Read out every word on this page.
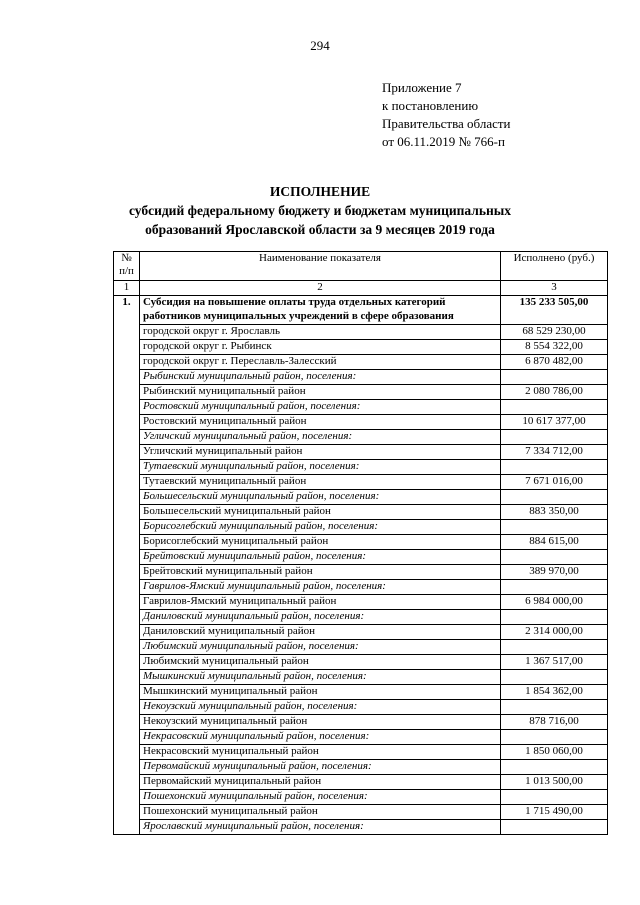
294
Приложение 7
к постановлению
Правительства области
от 06.11.2019 № 766-п
ИСПОЛНЕНИЕ
субсидий федеральному бюджету и бюджетам муниципальных
образований Ярославской области за 9 месяцев 2019 года
№ п/п	Наименование показателя	Исполнено (руб.)
1	2	3
1.	Субсидия на повышение оплаты труда отдельных категорий работников муниципальных учреждений в сфере образования	135 233 505,00
	городской округ г. Ярославль	68 529 230,00
	городской округ г. Рыбинск	8 554 322,00
	городской округ г. Переславль-Залесский	6 870 482,00
	Рыбинский муниципальный район, поселения:	
	Рыбинский муниципальный район	2 080 786,00
	Ростовский муниципальный район, поселения:	
	Ростовский муниципальный район	10 617 377,00
	Угличский муниципальный район, поселения:	
	Угличский муниципальный район	7 334 712,00
	Тутаевский муниципальный район, поселения:	
	Тутаевский муниципальный район	7 671 016,00
	Большесельский муниципальный район, поселения:	
	Большесельский муниципальный район	883 350,00
	Борисоглебский муниципальный район, поселения:	
	Борисоглебский муниципальный район	884 615,00
	Брейтовский муниципальный район, поселения:	
	Брейтовский муниципальный район	389 970,00
	Гаврилов-Ямский муниципальный район, поселения:	
	Гаврилов-Ямский муниципальный район	6 984 000,00
	Даниловский муниципальный район, поселения:	
	Даниловский муниципальный район	2 314 000,00
	Любимский муниципальный район, поселения:	
	Любимский муниципальный район	1 367 517,00
	Мышкинский муниципальный район, поселения:	
	Мышкинский муниципальный район	1 854 362,00
	Некоузский муниципальный район, поселения:	
	Некоузский муниципальный район	878 716,00
	Некрасовский муниципальный район, поселения:	
	Некрасовский муниципальный район	1 850 060,00
	Первомайский муниципальный район, поселения:	
	Первомайский муниципальный район	1 013 500,00
	Пошехонский муниципальный район, поселения:	
	Пошехонский муниципальный район	1 715 490,00
	Ярославский муниципальный район, поселения:	
